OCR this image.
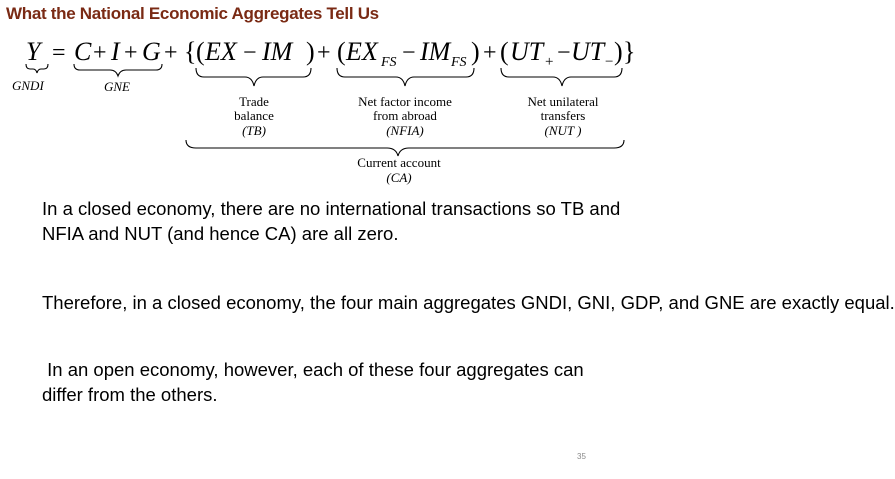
What the National Economic Aggregates Tell Us
Y = C + I + G + { ( EX − IM ) + ( EX FS − IM FS ) + ( UT + − UT − ) }
GNDI	GNE
Trade
balance
(TB)
Net factor income
from abroad
(NFIA)
Net unilateral
transfers
(NUT )
Current account
(CA)
In a closed economy, there are no international transactions so TB and NFIA and NUT (and hence CA) are all zero.
Therefore, in a closed economy, the four main aggregates GNDI, GNI, GDP, and GNE are exactly equal.
In an open economy, however, each of these four aggregates can differ from the others.
35
